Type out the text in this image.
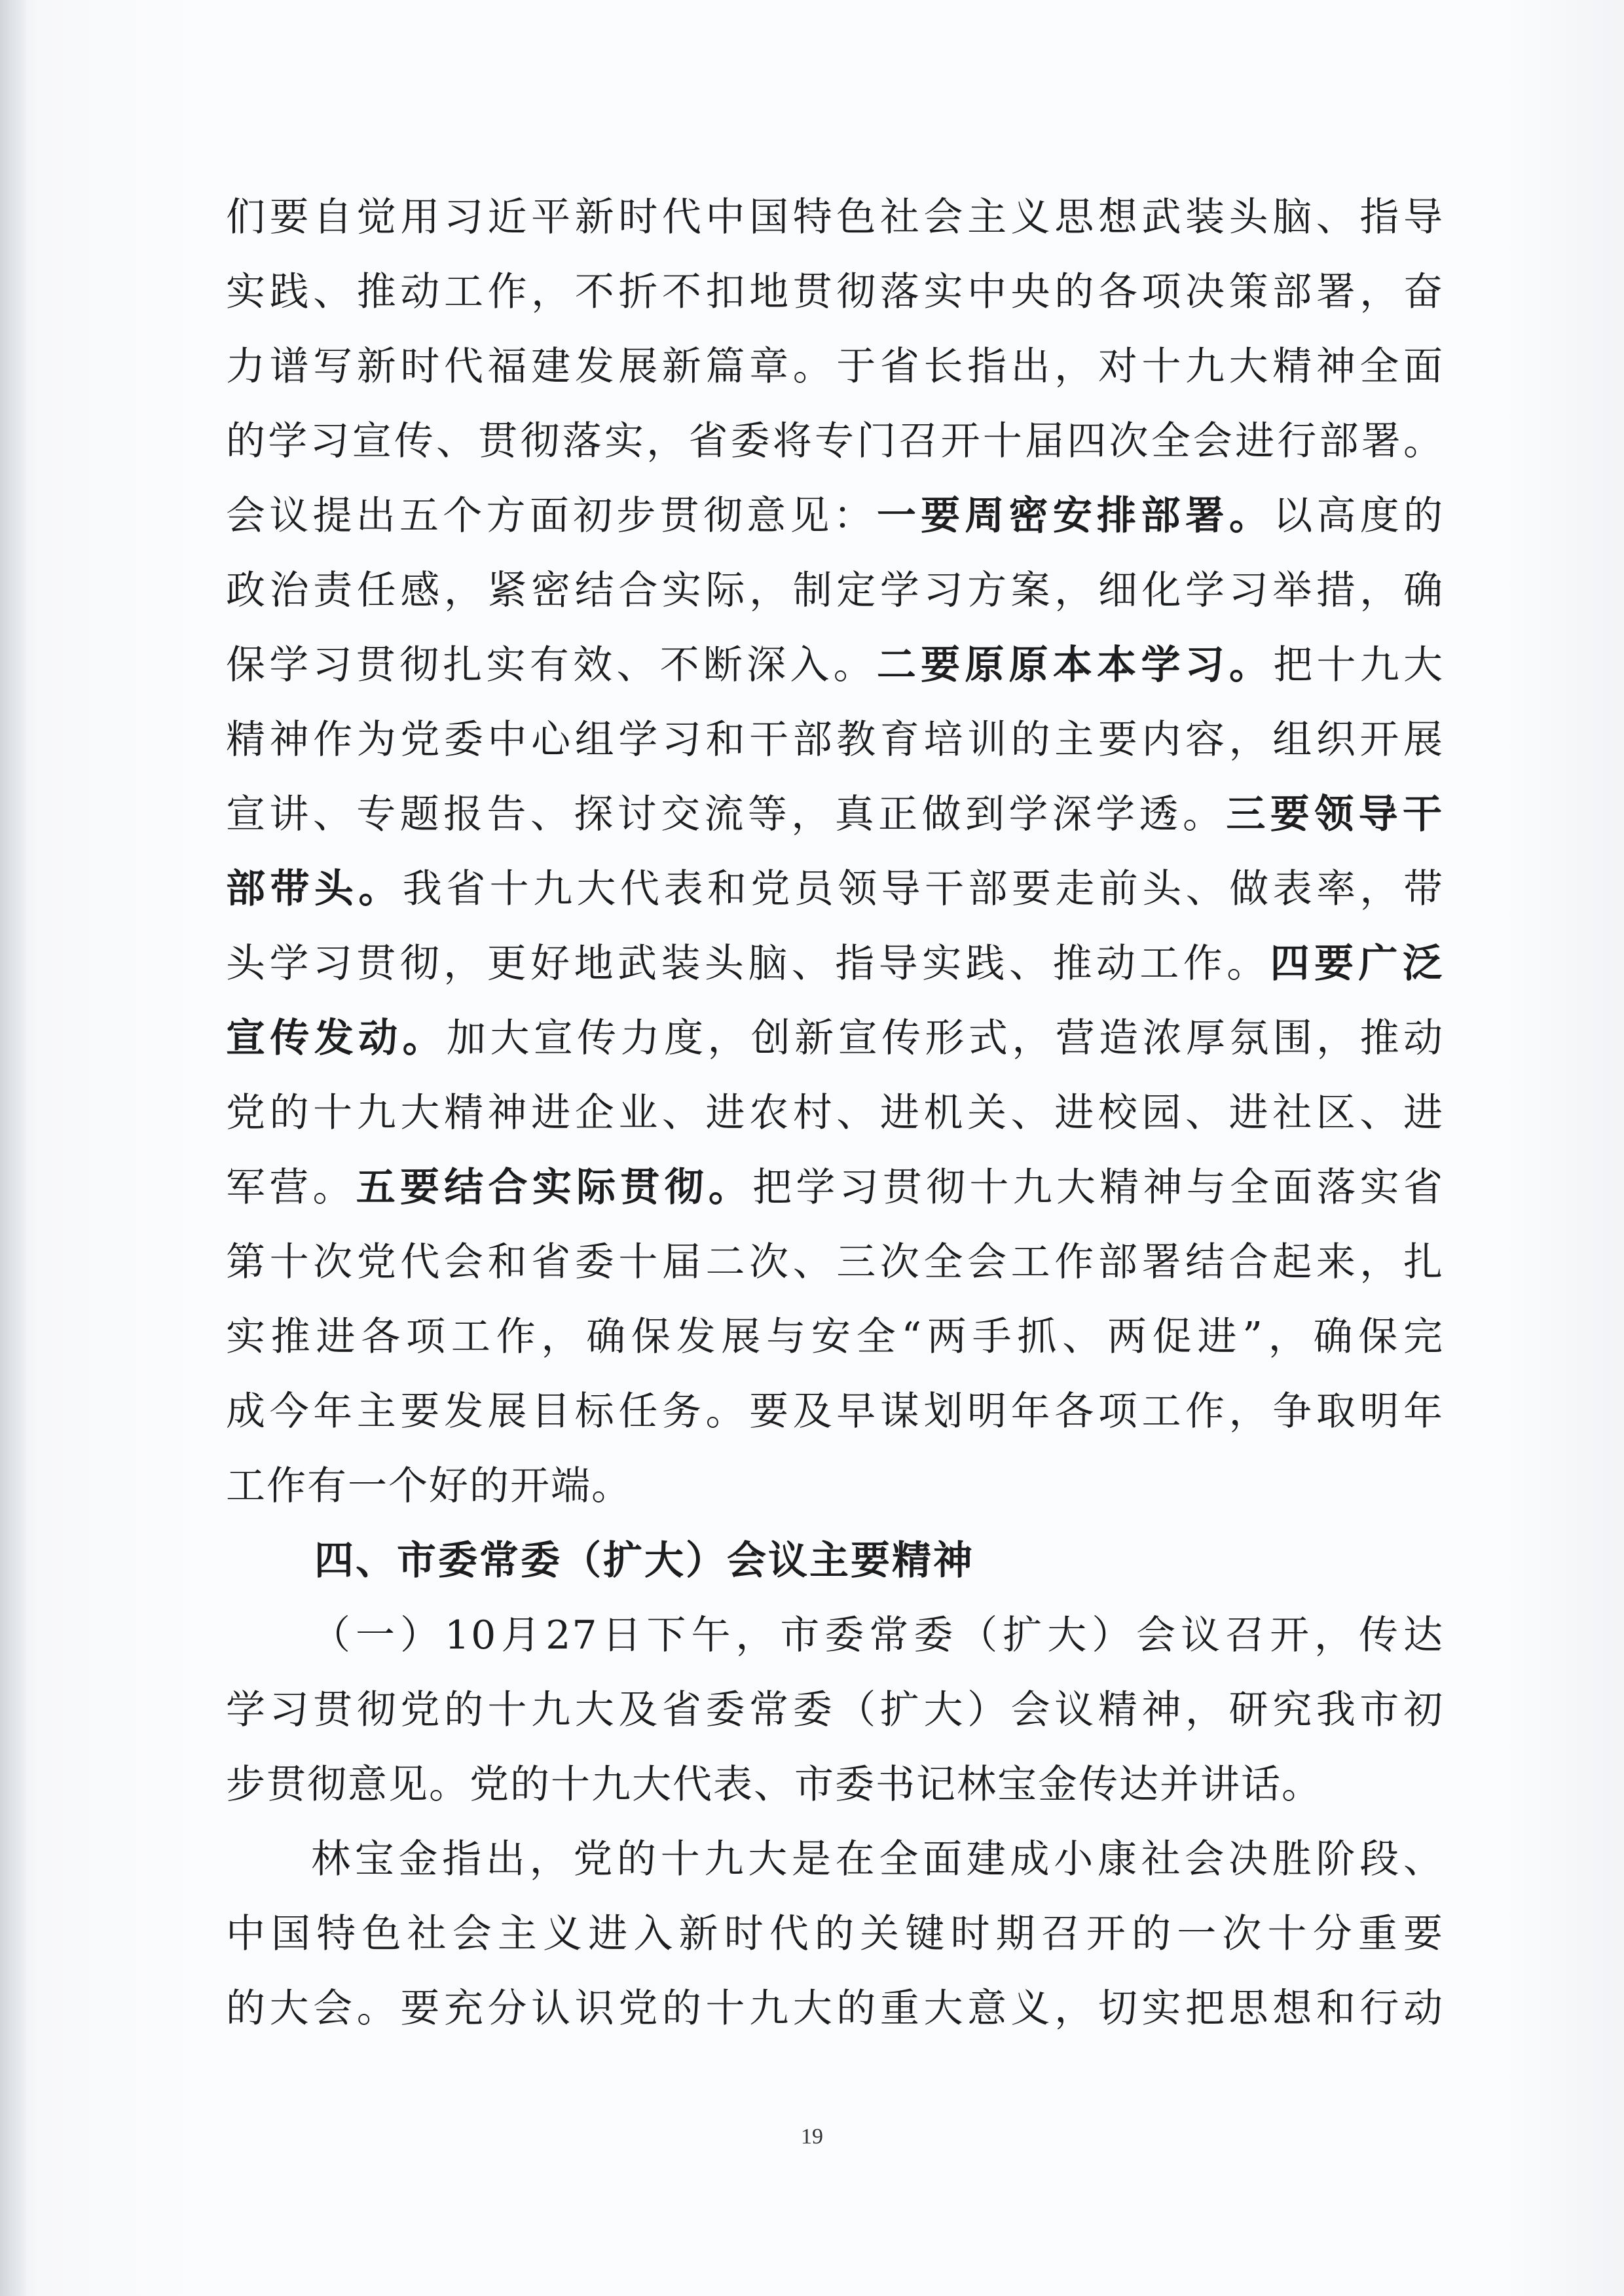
们要自觉用习近平新时代中国特色社会主义思想武装头脑、指导
实践、推动工作，不折不扣地贯彻落实中央的各项决策部署，奋
力谱写新时代福建发展新篇章。于省长指出，对十九大精神全面
的学习宣传、贯彻落实，省委将专门召开十届四次全会进行部署。
会议提出五个方面初步贯彻意见：一要周密安排部署。以高度的
政治责任感，紧密结合实际，制定学习方案，细化学习举措，确
保学习贯彻扎实有效、不断深入。二要原原本本学习。把十九大
精神作为党委中心组学习和干部教育培训的主要内容，组织开展
宣讲、专题报告、探讨交流等，真正做到学深学透。三要领导干
部带头。我省十九大代表和党员领导干部要走前头、做表率，带
头学习贯彻，更好地武装头脑、指导实践、推动工作。四要广泛
宣传发动。加大宣传力度，创新宣传形式，营造浓厚氛围，推动
党的十九大精神进企业、进农村、进机关、进校园、进社区、进
军营。五要结合实际贯彻。把学习贯彻十九大精神与全面落实省
第十次党代会和省委十届二次、三次全会工作部署结合起来，扎
实推进各项工作，确保发展与安全“两手抓、两促进”，确保完
成今年主要发展目标任务。要及早谋划明年各项工作，争取明年
工作有一个好的开端。
四、市委常委（扩大）会议主要精神
（一）10月27日下午，市委常委（扩大）会议召开，传达
学习贯彻党的十九大及省委常委（扩大）会议精神，研究我市初
步贯彻意见。党的十九大代表、市委书记林宝金传达并讲话。
林宝金指出，党的十九大是在全面建成小康社会决胜阶段、
中国特色社会主义进入新时代的关键时期召开的一次十分重要
的大会。要充分认识党的十九大的重大意义，切实把思想和行动
19
